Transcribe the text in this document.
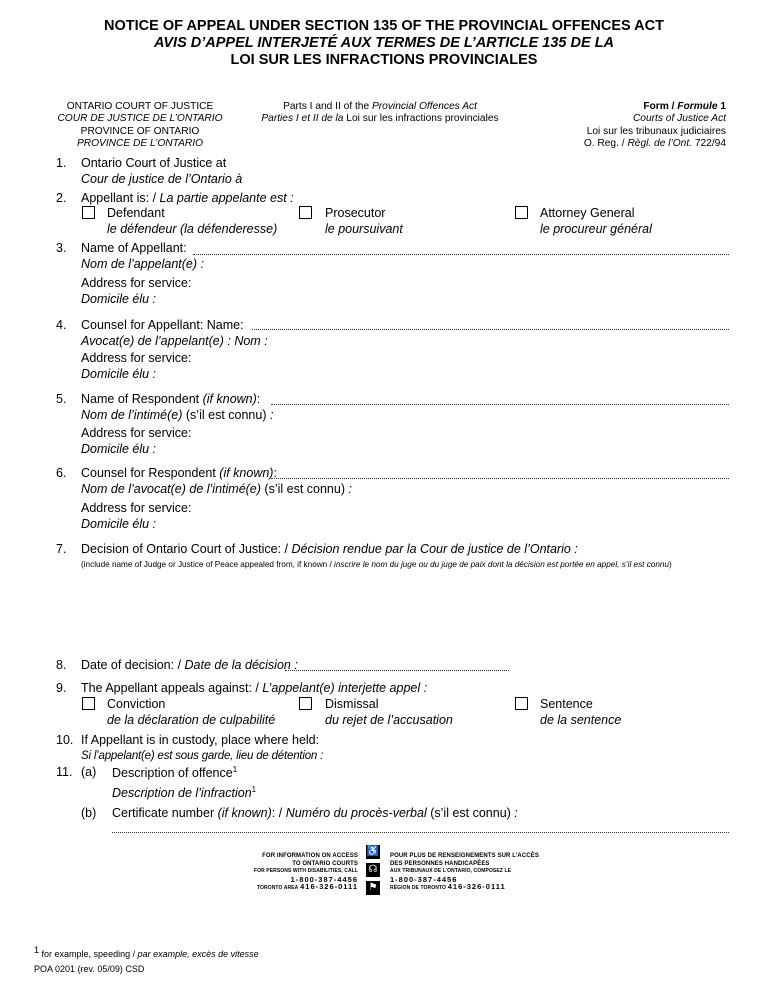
NOTICE OF APPEAL UNDER SECTION 135 OF THE PROVINCIAL OFFENCES ACT
AVIS D’APPEL INTERJETÉ AUX TERMES DE L’ARTICLE 135 DE LA
LOI SUR LES INFRACTIONS PROVINCIALES
ONTARIO COURT OF JUSTICE
COUR DE JUSTICE DE L’ONTARIO
PROVINCE OF ONTARIO
PROVINCE DE L’ONTARIO
Parts I and II of the Provincial Offences Act
Parties I et II de la Loi sur les infractions provinciales
Form / Formule 1
Courts of Justice Act
Loi sur les tribunaux judiciaires
O. Reg. / Règl. de l’Ont. 722/94
1. Ontario Court of Justice at
Cour de justice de l’Ontario à
2. Appellant is: / La partie appelante est :
Defendant
le défendeur (la défenderesse)
Prosecutor
le poursuivant
Attorney General
le procureur général
3. Name of Appellant:
Nom de l’appelant(e) :
Address for service:
Domicile élu :
4. Counsel for Appellant: Name:
Avocat(e) de l’appelant(e) : Nom :
Address for service:
Domicile élu :
5. Name of Respondent (if known):
Nom de l’intimé(e) (s’il est connu) :
Address for service:
Domicile élu :
6. Counsel for Respondent (if known):
Nom de l’avocat(e) de l’intimé(e) (s’il est connu) :
Address for service:
Domicile élu :
7. Decision of Ontario Court of Justice: / Décision rendue par la Cour de justice de l’Ontario :
(include name of Judge or Justice of Peace appealed from, if known / inscrire le nom du juge ou du juge de paix dont la décision est portée en appel, s’il est connu)
8. Date of decision: / Date de la décision :
9. The Appellant appeals against: / L’appelant(e) interjette appel :
Conviction
de la déclaration de culpabilité
Dismissal
du rejet de l’accusation
Sentence
de la sentence
10. If Appellant is in custody, place where held:
Si l’appelant(e) est sous garde, lieu de détention :
11. (a) Description of offence$^1$
Description de l’infraction$^1$
(b) Certificate number (if known): / Numéro du procès-verbal (s’il est connu) :
FOR INFORMATION ON ACCESS
TO ONTARIO COURTS
FOR PERSONS WITH DISABILITIES, CALL
1-800-387-4456
TORONTO AREA 416-326-0111
♿
☊
⚑
POUR PLUS DE RENSEIGNEMENTS SUR L’ACCÈS
DES PERSONNES HANDICAPÉES
AUX TRIBUNAUX DE L’ONTARIO, COMPOSEZ LE
1-800-387-4456
RÉGION DE TORONTO 416-326-0111
$^1$ for example, speeding / par example, excès de vitesse
POA 0201 (rev. 05/09) CSD
